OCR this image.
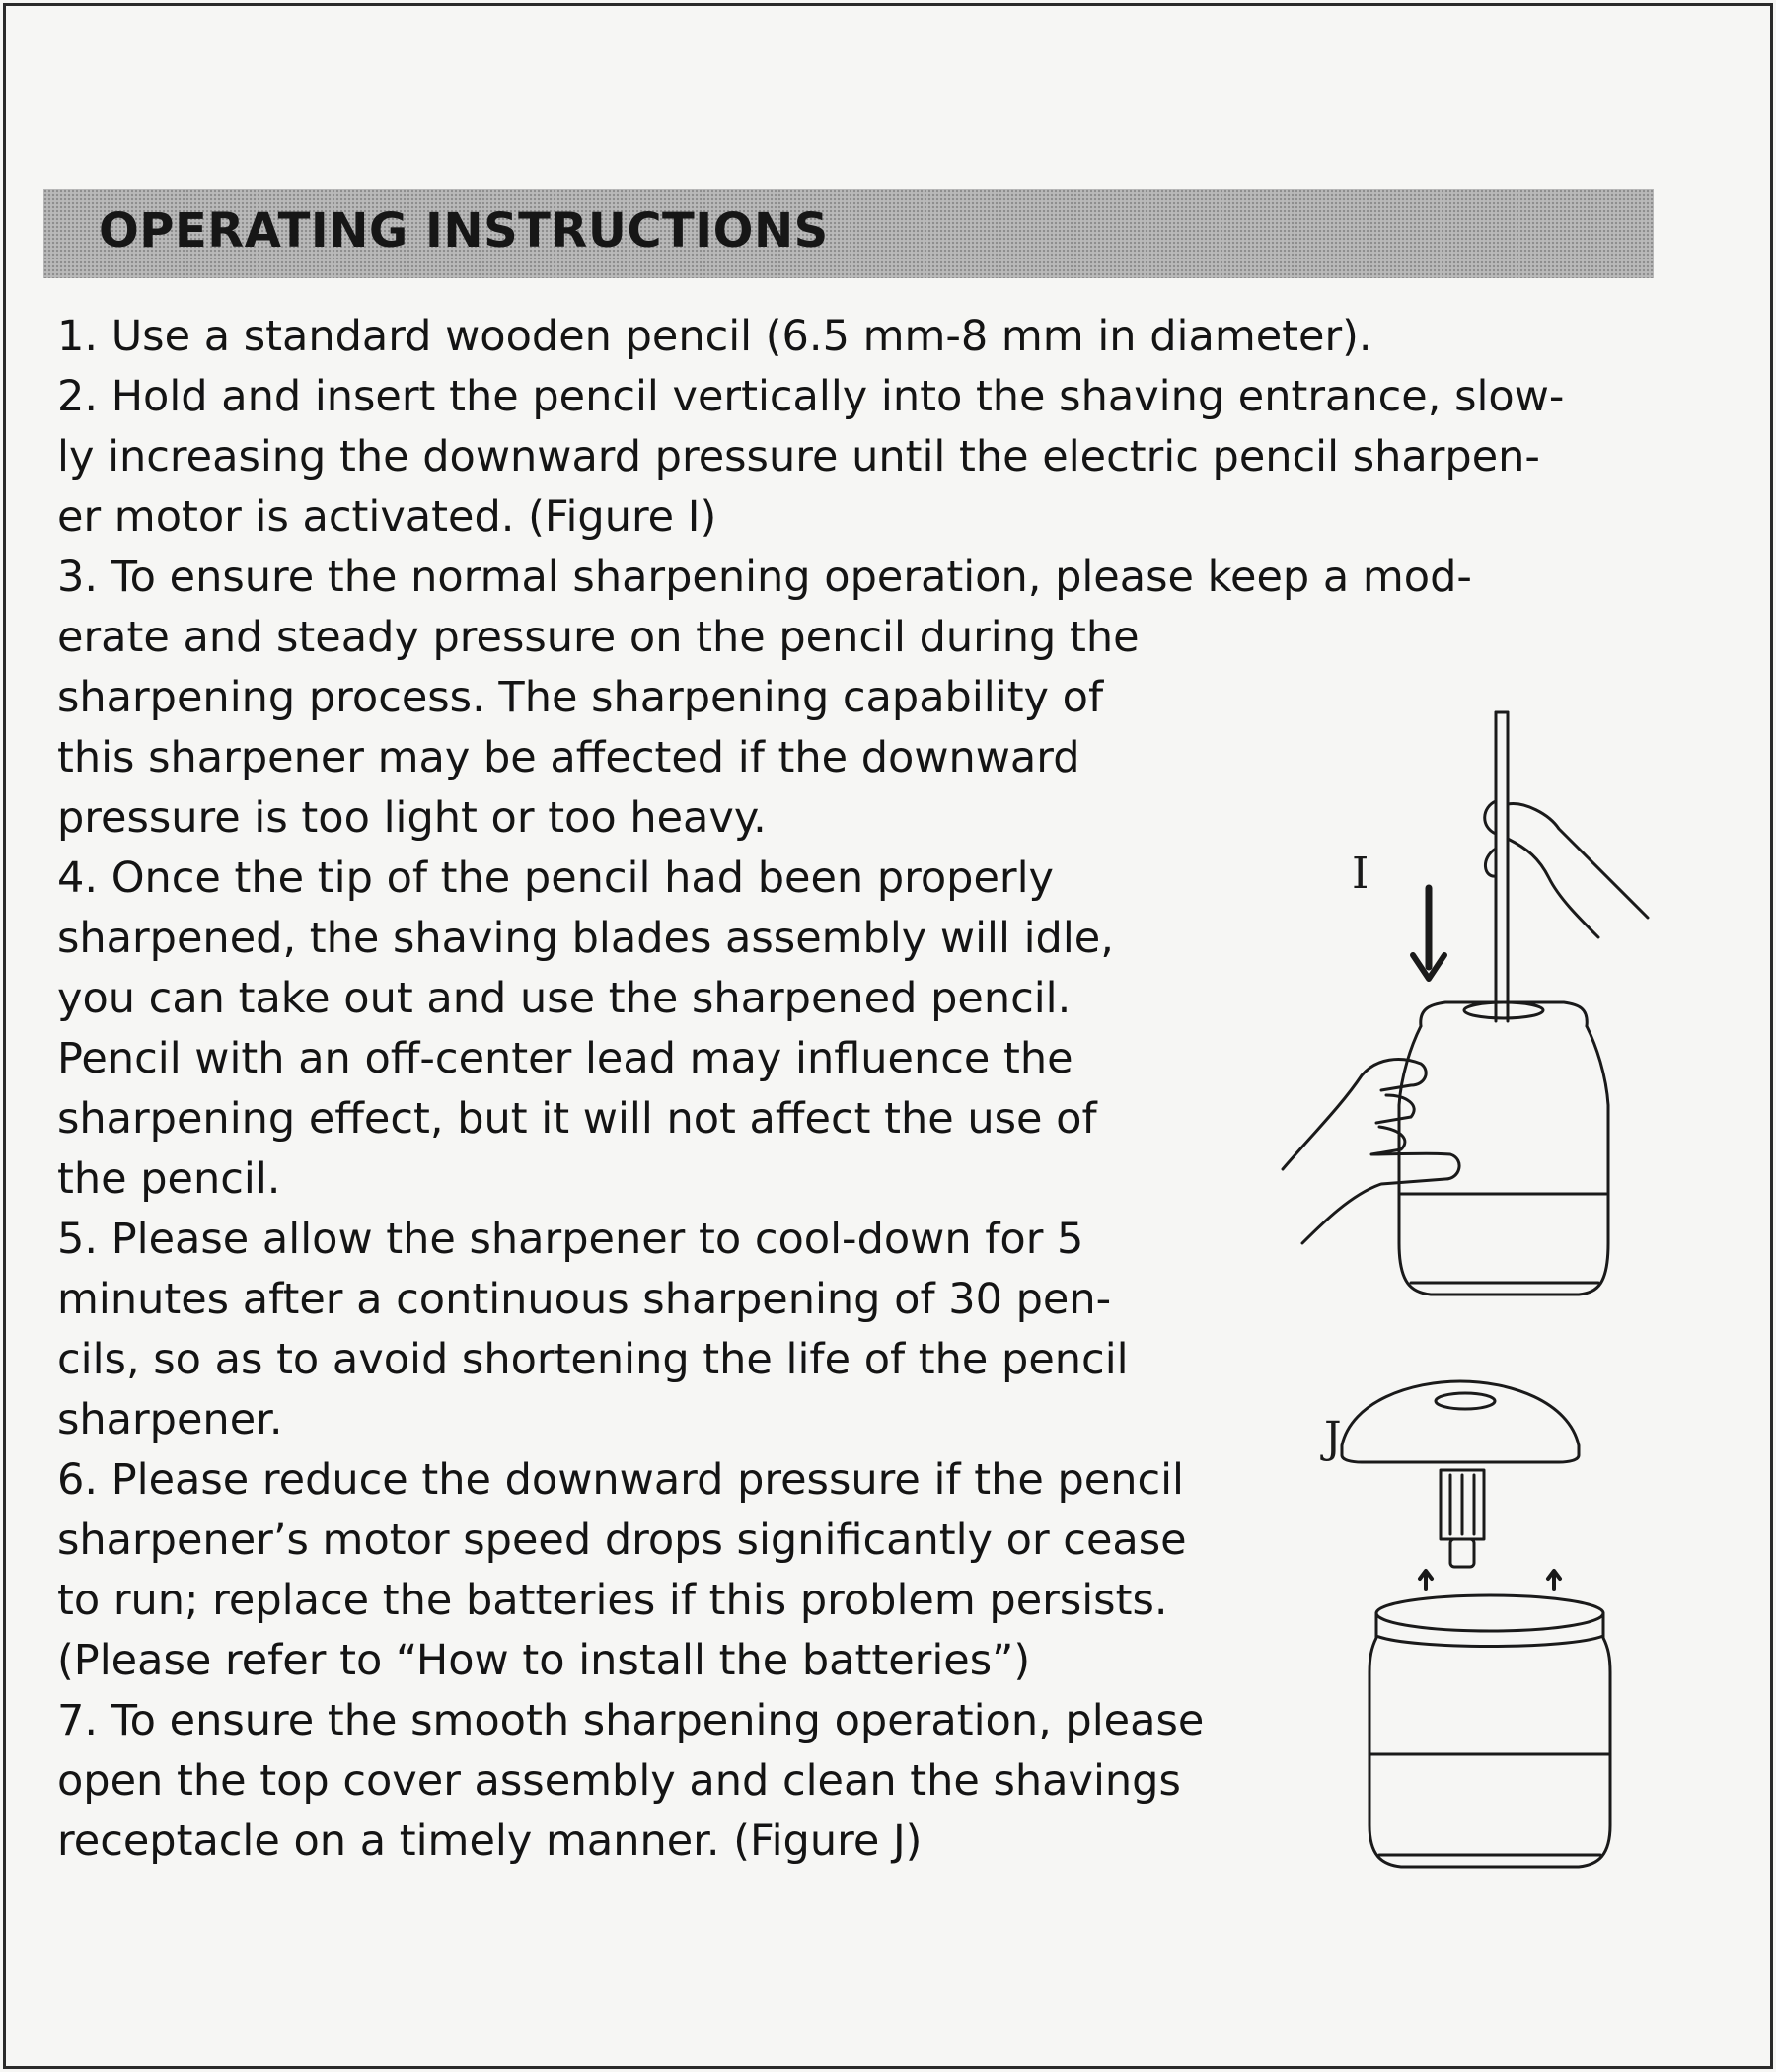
OPERATING INSTRUCTIONS
1. Use a standard wooden pencil (6.5 mm-8 mm in diameter).
2. Hold and insert the pencil vertically into the shaving entrance, slow-
ly increasing the downward pressure until the electric pencil sharpen-
er motor is activated. (Figure I)
3. To ensure the normal sharpening operation, please keep a mod-
erate and steady pressure on the pencil during the
sharpening process. The sharpening capability of
this sharpener may be affected if the downward
pressure is too light or too heavy.
4. Once the tip of the pencil had been properly
sharpened, the shaving blades assembly will idle,
you can take out and use the sharpened pencil.
Pencil with an off-center lead may influence the
sharpening effect, but it will not affect the use of
the pencil.
5. Please allow the sharpener to cool-down for 5
minutes after a continuous sharpening of 30 pen-
cils, so as to avoid shortening the life of the pencil
sharpener.
6. Please reduce the downward pressure if the pencil
sharpener’s motor speed drops significantly or cease
to run; replace the batteries if this problem persists.
(Please refer to “How to install the batteries”)
7. To ensure the smooth sharpening operation, please
open the top cover assembly and clean the shavings
receptacle on a timely manner. (Figure J)
I
J
